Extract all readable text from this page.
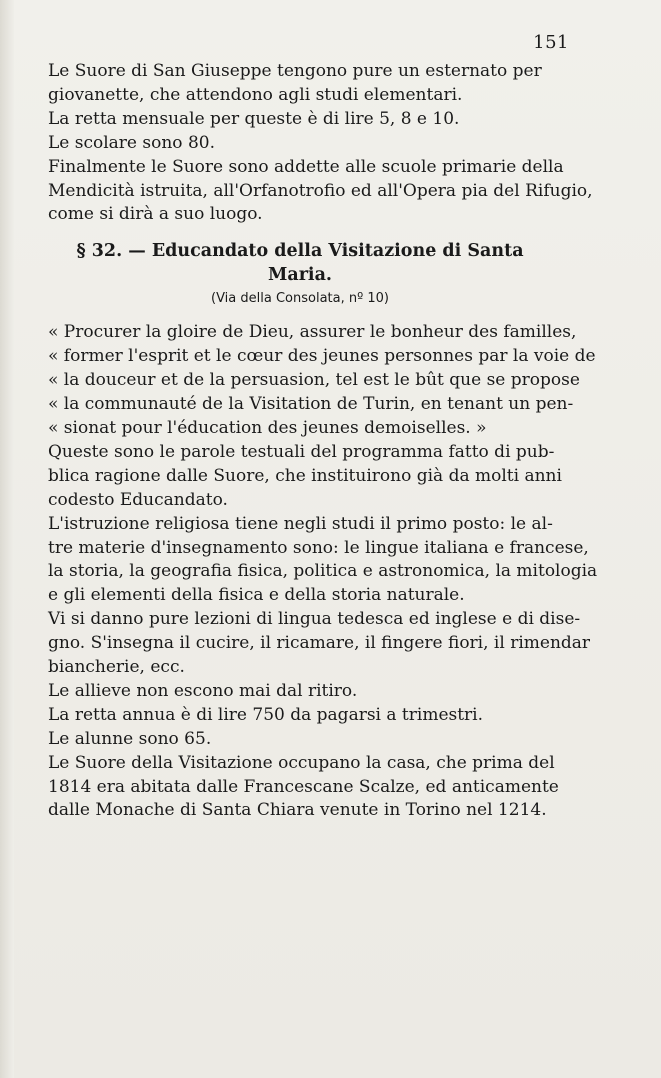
151
Le Suore di San Giuseppe tengono pure un esternato per
giovanette, che attendono agli studi elementari.
La retta mensuale per queste è di lire 5, 8 e 10.
Le scolare sono 80.
Finalmente le Suore sono addette alle scuole primarie della
Mendicità istruita, all'Orfanotrofio ed all'Opera pia del Rifugio,
come si dirà a suo luogo.
§ 32. — Educandato della Visitazione di Santa Maria.
(Via della Consolata, nº 10)
« Procurer la gloire de Dieu, assurer le bonheur des familles,
« former l'esprit et le cœur des jeunes personnes par la voie de
« la douceur et de la persuasion, tel est le bût que se propose
« la communauté de la Visitation de Turin, en tenant un pen-
« sionat pour l'éducation des jeunes demoiselles. »
Queste sono le parole testuali del programma fatto di pub-
blica ragione dalle Suore, che instituirono già da molti anni
codesto Educandato.
L'istruzione religiosa tiene negli studi il primo posto: le al-
tre materie d'insegnamento sono: le lingue italiana e francese,
la storia, la geografia fisica, politica e astronomica, la mitologia
e gli elementi della fisica e della storia naturale.
Vi si danno pure lezioni di lingua tedesca ed inglese e di dise-
gno. S'insegna il cucire, il ricamare, il fingere fiori, il rimendar
biancherie, ecc.
Le allieve non escono mai dal ritiro.
La retta annua è di lire 750 da pagarsi a trimestri.
Le alunne sono 65.
Le Suore della Visitazione occupano la casa, che prima del
1814 era abitata dalle Francescane Scalze, ed anticamente
dalle Monache di Santa Chiara venute in Torino nel 1214.
